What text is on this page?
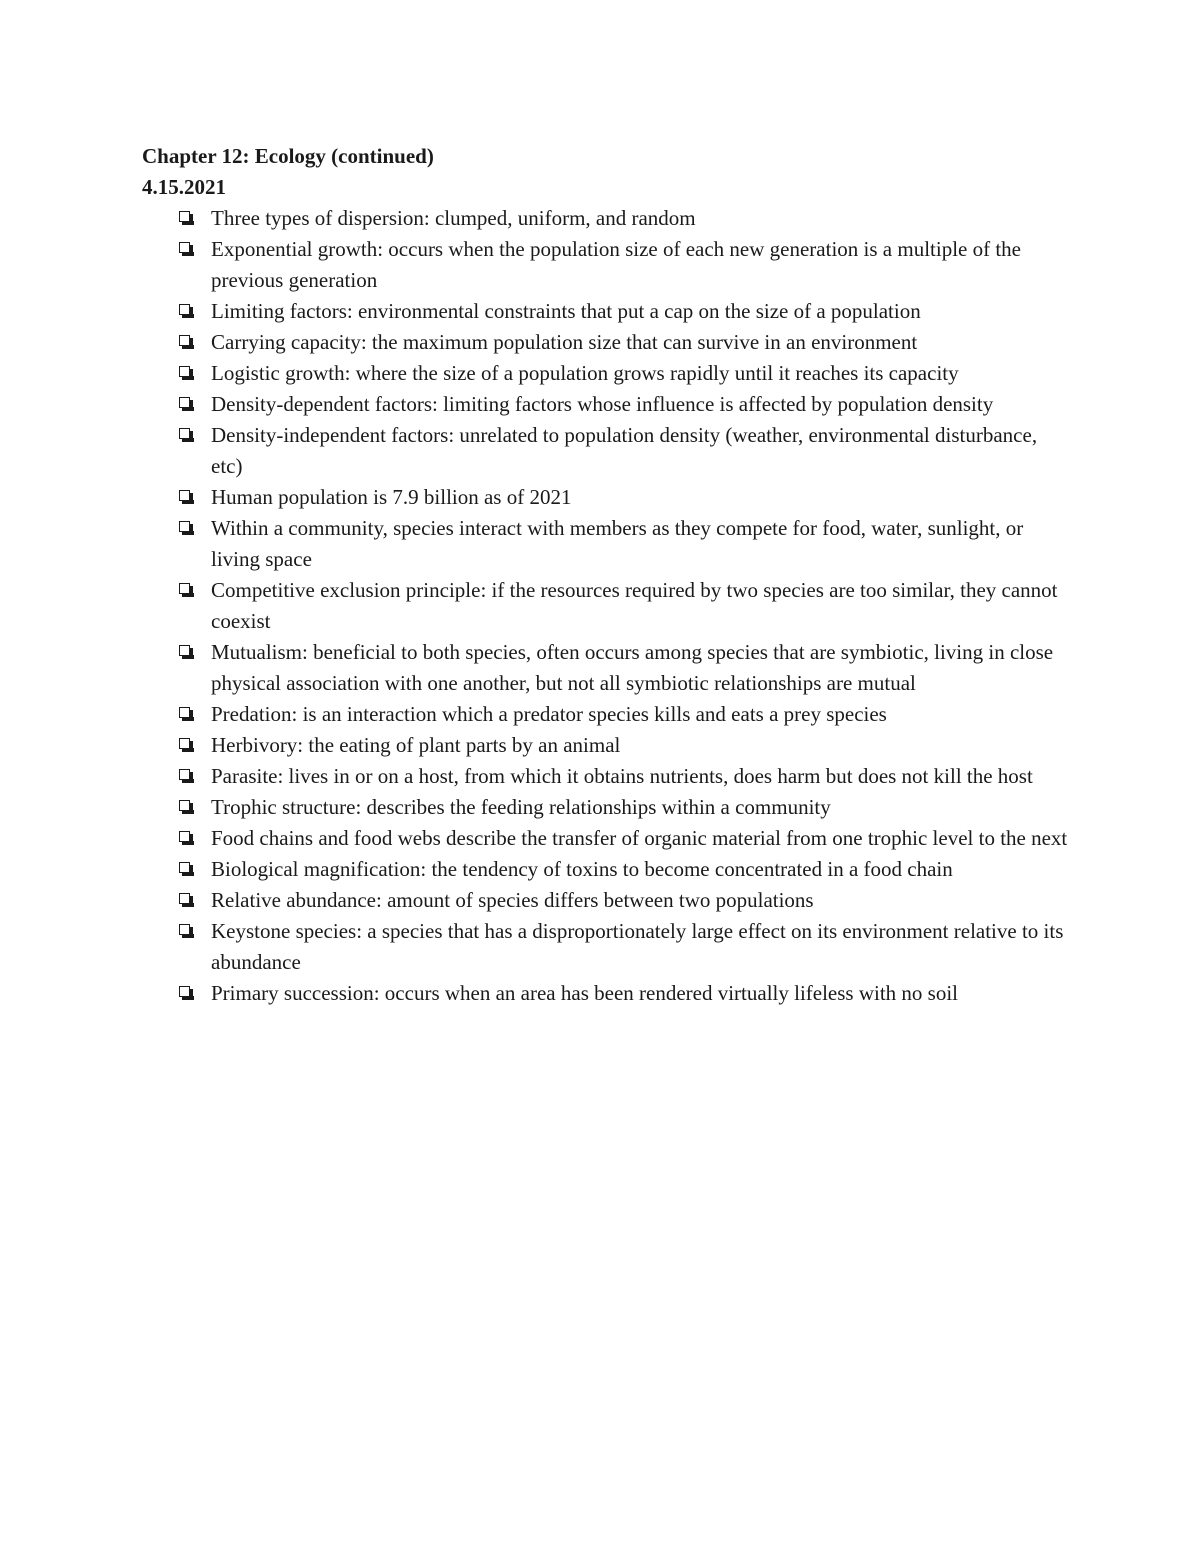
Chapter 12: Ecology (continued)

4.15.2021

Three types of dispersion: clumped, uniform, and random
Exponential growth: occurs when the population size of each new generation is a multiple of the previous generation
Limiting factors: environmental constraints that put a cap on the size of a population
Carrying capacity: the maximum population size that can survive in an environment
Logistic growth: where the size of a population grows rapidly until it reaches its capacity
Density-dependent factors: limiting factors whose influence is affected by population density
Density-independent factors: unrelated to population density (weather, environmental disturbance, etc)
Human population is 7.9 billion as of 2021
Within a community, species interact with members as they compete for food, water, sunlight, or living space
Competitive exclusion principle: if the resources required by two species are too similar, they cannot coexist
Mutualism: beneficial to both species, often occurs among species that are symbiotic, living in close physical association with one another, but not all symbiotic relationships are mutual
Predation: is an interaction which a predator species kills and eats a prey species
Herbivory: the eating of plant parts by an animal
Parasite: lives in or on a host, from which it obtains nutrients, does harm but does not kill the host
Trophic structure: describes the feeding relationships within a community
Food chains and food webs describe the transfer of organic material from one trophic level to the next
Biological magnification: the tendency of toxins to become concentrated in a food chain
Relative abundance: amount of species differs between two populations
Keystone species: a species that has a disproportionately large effect on its environment relative to its abundance
Primary succession: occurs when an area has been rendered virtually lifeless with no soil
